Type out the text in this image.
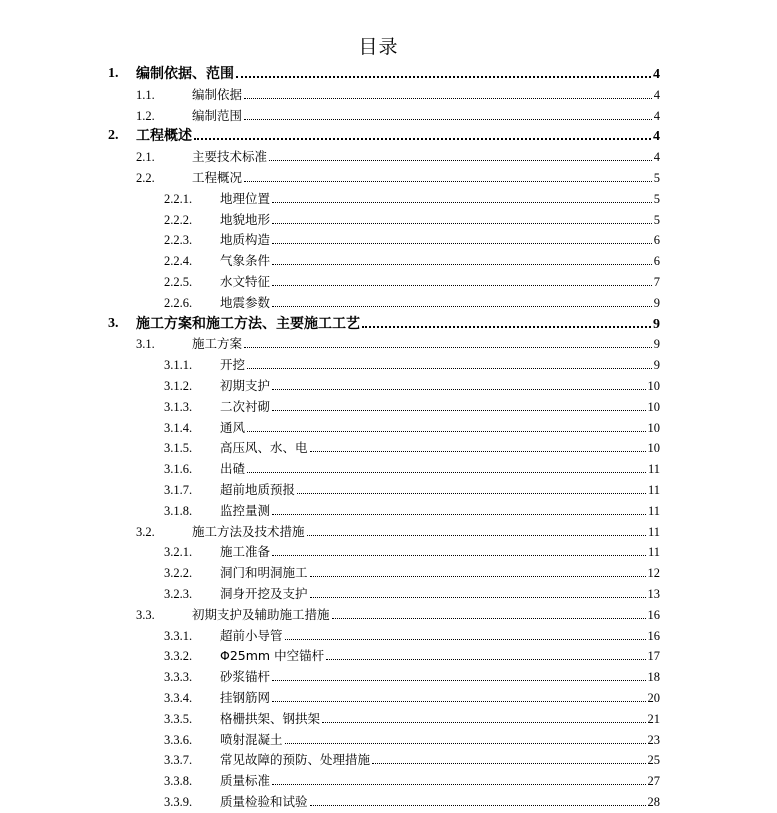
目录
1. 编制依据、范围	4
1.1.	编制依据	4
1.2.	编制范围	4
2. 工程概述	4
2.1.	主要技术标准	4
2.2.	工程概况	5
2.2.1. 地理位置	5
2.2.2. 地貌地形	5
2.2.3. 地质构造	6
2.2.4. 气象条件	6
2.2.5. 水文特征	7
2.2.6. 地震参数	9
3. 施工方案和施工方法、主要施工工艺	9
3.1.	施工方案	9
3.1.1. 开挖	9
3.1.2. 初期支护	10
3.1.3. 二次衬砌	10
3.1.4. 通风	10
3.1.5. 高压风、水、电	10
3.1.6. 出碴	11
3.1.7. 超前地质预报	11
3.1.8. 监控量测	11
3.2.	施工方法及技术措施	11
3.2.1. 施工准备	11
3.2.2. 洞门和明洞施工	12
3.2.3. 洞身开挖及支护	13
3.3.	初期支护及辅助施工措施	16
3.3.1. 超前小导管	16
3.3.2. Φ25mm 中空锚杆	17
3.3.3. 砂浆锚杆	18
3.3.4. 挂钢筋网	20
3.3.5. 格栅拱架、钢拱架	21
3.3.6. 喷射混凝土	23
3.3.7. 常见故障的预防、处理措施	25
3.3.8. 质量标准	27
3.3.9. 质量检验和试验	28
